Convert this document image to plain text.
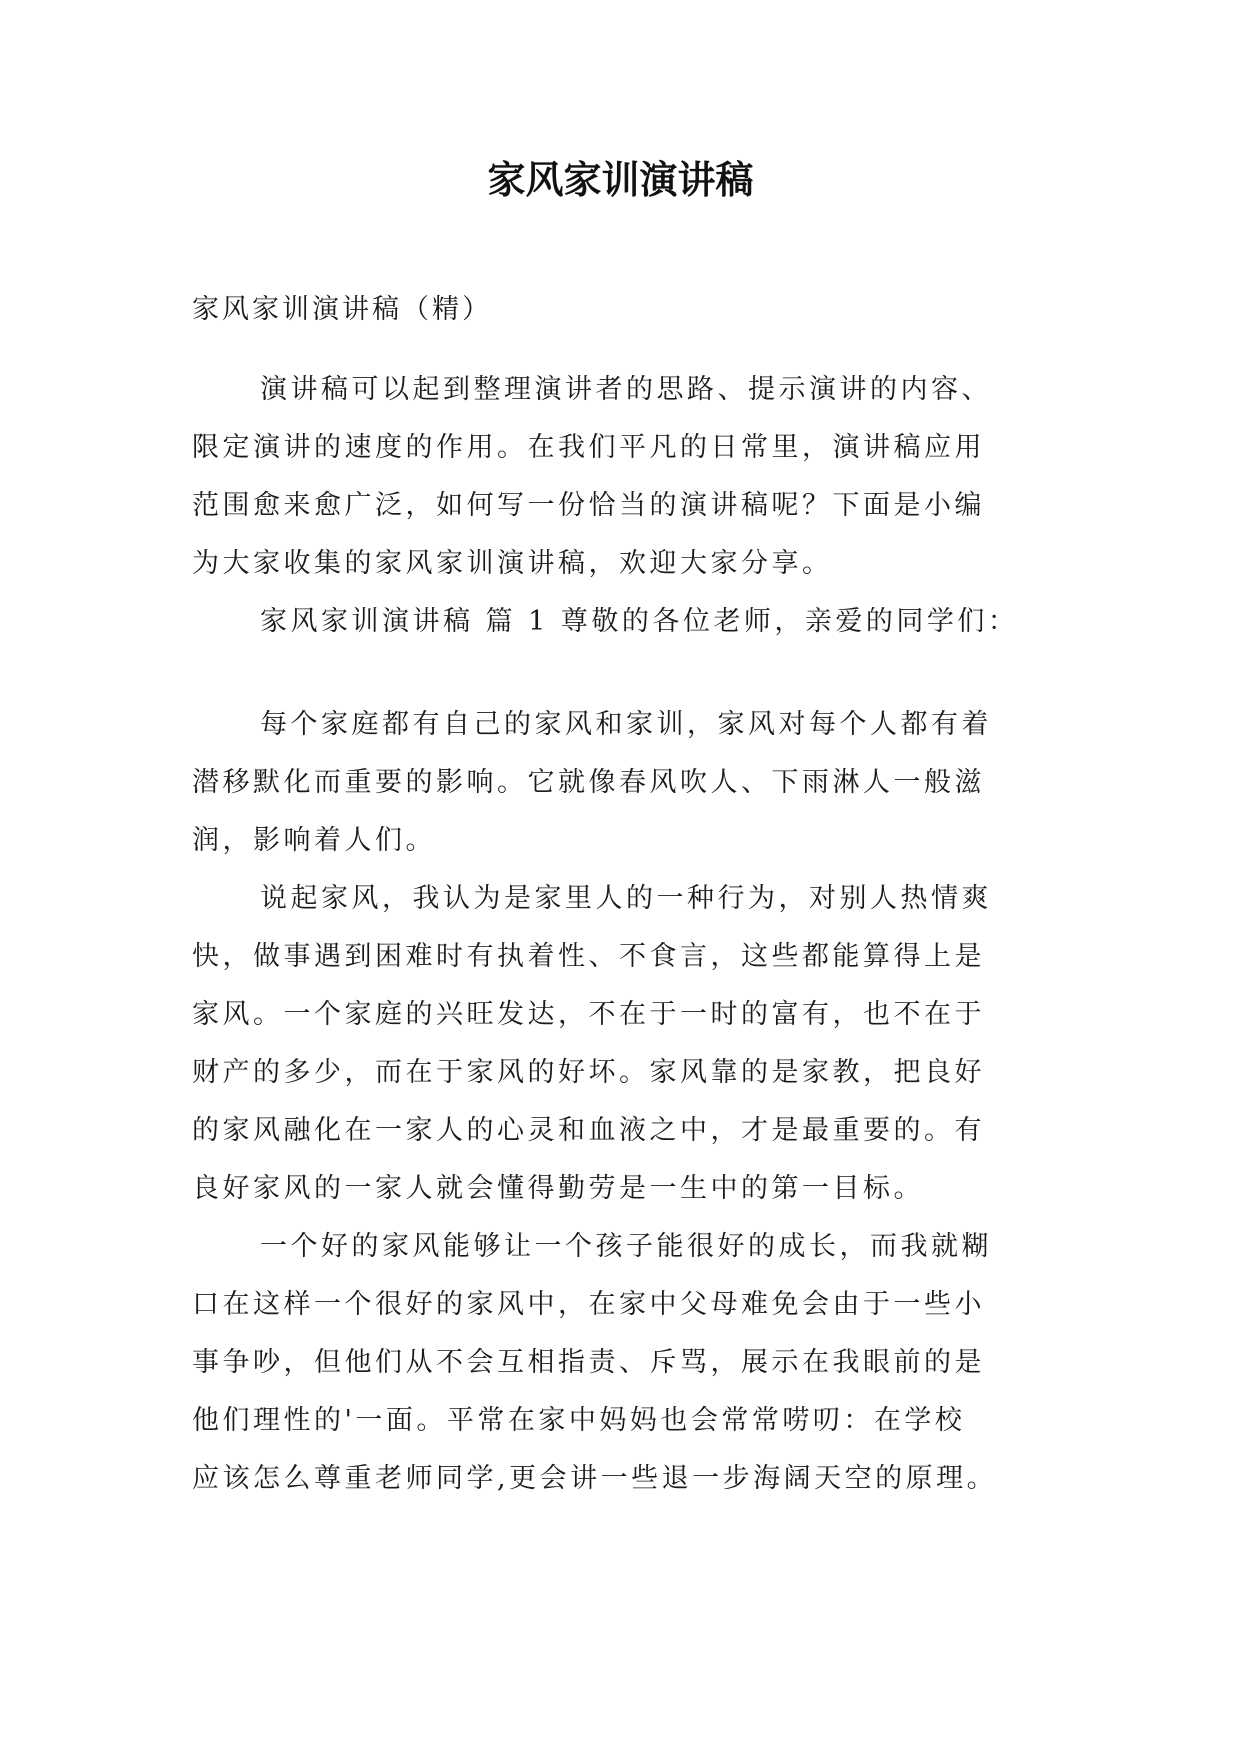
家风家训演讲稿
家风家训演讲稿（精）
演讲稿可以起到整理演讲者的思路、提示演讲的内容、
限定演讲的速度的作用。在我们平凡的日常里，演讲稿应用
范围愈来愈广泛，如何写一份恰当的演讲稿呢？下面是小编
为大家收集的家风家训演讲稿，欢迎大家分享。
家风家训演讲稿 篇 1 尊敬的各位老师，亲爱的同学们：
每个家庭都有自己的家风和家训，家风对每个人都有着
潜移默化而重要的影响。它就像春风吹人、下雨淋人一般滋
润，影响着人们。
说起家风，我认为是家里人的一种行为，对别人热情爽
快，做事遇到困难时有执着性、不食言，这些都能算得上是
家风。一个家庭的兴旺发达，不在于一时的富有，也不在于
财产的多少，而在于家风的好坏。家风靠的是家教，把良好
的家风融化在一家人的心灵和血液之中，才是最重要的。有
良好家风的一家人就会懂得勤劳是一生中的第一目标。
一个好的家风能够让一个孩子能很好的成长，而我就糊
口在这样一个很好的家风中，在家中父母难免会由于一些小
事争吵，但他们从不会互相指责、斥骂，展示在我眼前的是
他们理性的'一面。平常在家中妈妈也会常常唠叨：在学校
应该怎么尊重老师同学,更会讲一些退一步海阔天空的原理。
